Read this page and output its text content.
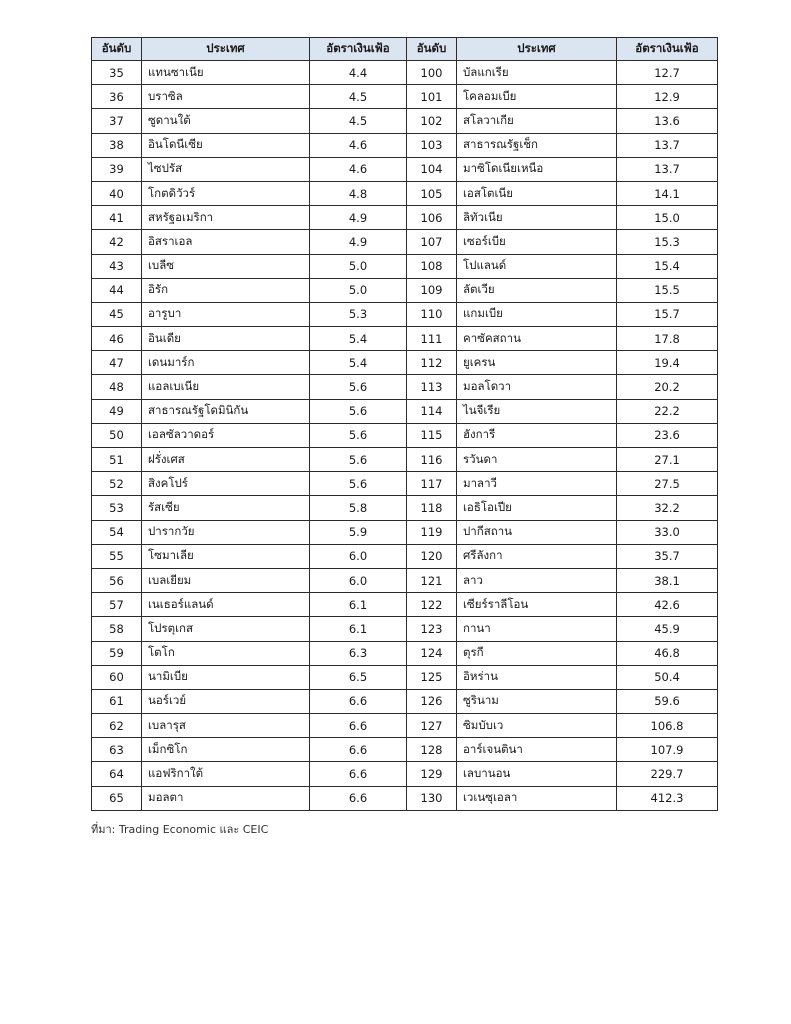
อันดับ	ประเทศ	อัตราเงินเฟ้อ	อันดับ	ประเทศ	อัตราเงินเฟ้อ
35	แทนซาเนีย	4.4	100	บัลแกเรีย	12.7
36	บราซิล	4.5	101	โคลอมเบีย	12.9
37	ซูดานใต้	4.5	102	สโลวาเกีย	13.6
38	อินโดนีเซีย	4.6	103	สาธารณรัฐเช็ก	13.7
39	ไซปรัส	4.6	104	มาซิโดเนียเหนือ	13.7
40	โกตดิวัวร์	4.8	105	เอสโตเนีย	14.1
41	สหรัฐอเมริกา	4.9	106	ลิทัวเนีย	15.0
42	อิสราเอล	4.9	107	เซอร์เบีย	15.3
43	เบลีซ	5.0	108	โปแลนด์	15.4
44	อิรัก	5.0	109	ลัตเวีย	15.5
45	อารูบา	5.3	110	แกมเบีย	15.7
46	อินเดีย	5.4	111	คาซัคสถาน	17.8
47	เดนมาร์ก	5.4	112	ยูเครน	19.4
48	แอลเบเนีย	5.6	113	มอลโดวา	20.2
49	สาธารณรัฐโดมินิกัน	5.6	114	ไนจีเรีย	22.2
50	เอลซัลวาดอร์	5.6	115	ฮังการี	23.6
51	ฝรั่งเศส	5.6	116	รวันดา	27.1
52	สิงคโปร์	5.6	117	มาลาวี	27.5
53	รัสเซีย	5.8	118	เอธิโอเปีย	32.2
54	ปารากวัย	5.9	119	ปากีสถาน	33.0
55	โซมาเลีย	6.0	120	ศรีลังกา	35.7
56	เบลเยียม	6.0	121	ลาว	38.1
57	เนเธอร์แลนด์	6.1	122	เซียร์ราลีโอน	42.6
58	โปรตุเกส	6.1	123	กานา	45.9
59	โตโก	6.3	124	ตุรกี	46.8
60	นามิเบีย	6.5	125	อิหร่าน	50.4
61	นอร์เวย์	6.6	126	ซูรินาม	59.6
62	เบลารุส	6.6	127	ซิมบับเว	106.8
63	เม็กซิโก	6.6	128	อาร์เจนตินา	107.9
64	แอฟริกาใต้	6.6	129	เลบานอน	229.7
65	มอลตา	6.6	130	เวเนซุเอลา	412.3
ที่มา: Trading Economic และ CEIC
